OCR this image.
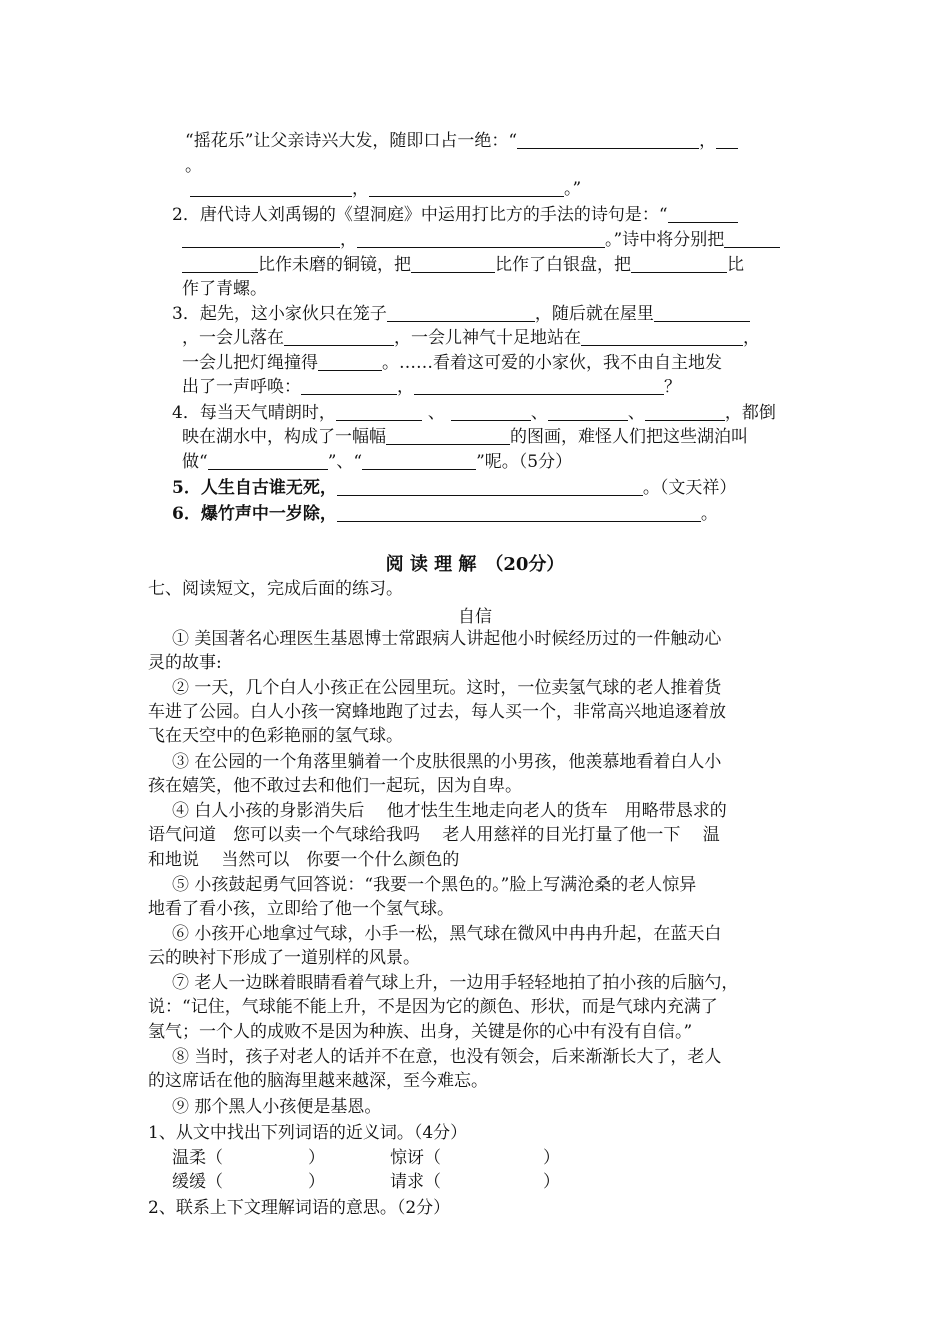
“摇花乐”让父亲诗兴大发，随即口占一绝：“	，
。
，	。”
2．唐代诗人刘禹锡的《望洞庭》中运用打比方的手法的诗句是：“
，	。”诗中将分别把
比作未磨的铜镜，把	比作了白银盘，把	比
作了青螺。
3．起先，这小家伙只在笼子	，随后就在屋里
，一会儿落在	，一会儿神气十足地站在	，
一会儿把灯绳撞得	。……看着这可爱的小家伙，我不由自主地发
出了一声呼唤：	，	？
4．每当天气晴朗时，	、	、	、	，都倒
映在湖水中，构成了一幅幅	的图画，难怪人们把这些湖泊叫
做“	”、“	”呢。（5分）
5．人生自古谁无死，	。（文天祥）
6．爆竹声中一岁除，	。
阅 读 理 解　（20分）
七、阅读短文，完成后面的练习。
自信
① 美国著名心理医生基恩博士常跟病人讲起他小时候经历过的一件触动心
灵的故事:
② 一天，几个白人小孩正在公园里玩。这时，一位卖氢气球的老人推着货
车进了公园。白人小孩一窝蜂地跑了过去，每人买一个，非常高兴地追逐着放
飞在天空中的色彩艳丽的氢气球。
③ 在公园的一个角落里躺着一个皮肤很黑的小男孩，他羡慕地看着白人小
孩在嬉笑，他不敢过去和他们一起玩，因为自卑。
④ 白人小孩的身影消失后　 他才怯生生地走向老人的货车　用略带恳求的
语气问道　您可以卖一个气球给我吗　 老人用慈祥的目光打量了他一下　 温
和地说　 当然可以　你要一个什么颜色的
⑤ 小孩鼓起勇气回答说：“我要一个黑色的。”脸上写满沧桑的老人惊异
地看了看小孩，立即给了他一个氢气球。
⑥ 小孩开心地拿过气球，小手一松，黑气球在微风中冉冉升起，在蓝天白
云的映衬下形成了一道别样的风景。
⑦ 老人一边眯着眼睛看着气球上升，一边用手轻轻地拍了拍小孩的后脑勺，
说：“记住，气球能不能上升，不是因为它的颜色、形状，而是气球内充满了
氢气；一个人的成败不是因为种族、出身，关键是你的心中有没有自信。”
⑧ 当时，孩子对老人的话并不在意，也没有领会，后来渐渐长大了，老人
的这席话在他的脑海里越来越深，至今难忘。
⑨ 那个黑人小孩便是基恩。
1、从文中找出下列词语的近义词。（4分）
温柔（　　　　　）	惊讶（　　　　　　）
缓缓（　　　　　）	请求（　　　　　　）
2、联系上下文理解词语的意思。（2分）
